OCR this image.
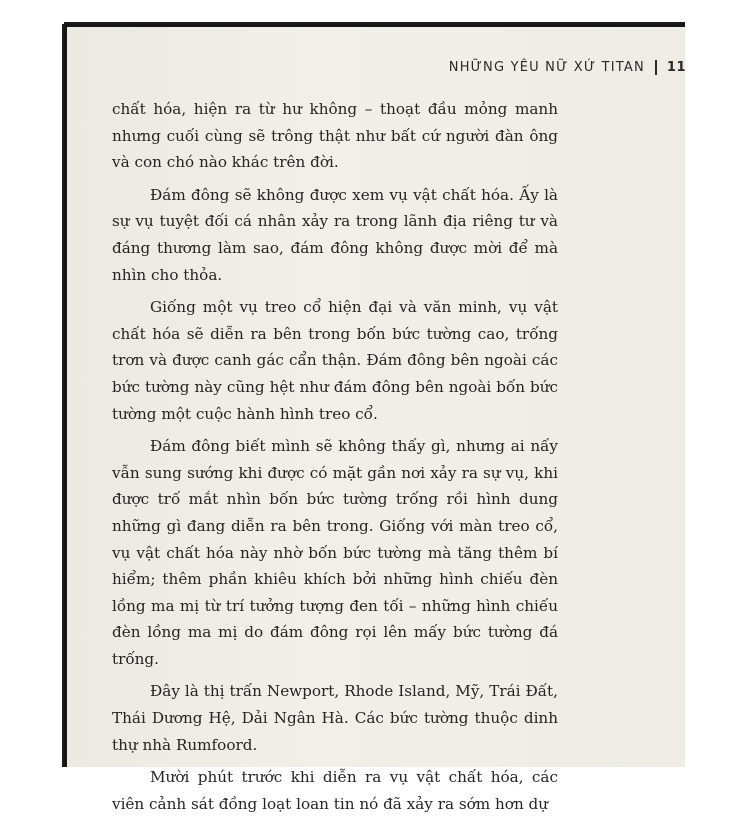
NHỮNG YÊU NỮ XỨ TITAN 11

chất hóa, hiện ra từ hư không – thoạt đầu mỏng manh nhưng cuối cùng sẽ trông thật như bất cứ người đàn ông và con chó nào khác trên đời.

Đám đông sẽ không được xem vụ vật chất hóa. Ấy là sự vụ tuyệt đối cá nhân xảy ra trong lãnh địa riêng tư và đáng thương làm sao, đám đông không được mời để mà nhìn cho thỏa.

Giống một vụ treo cổ hiện đại và văn minh, vụ vật chất hóa sẽ diễn ra bên trong bốn bức tường cao, trống trơn và được canh gác cẩn thận. Đám đông bên ngoài các bức tường này cũng hệt như đám đông bên ngoài bốn bức tường một cuộc hành hình treo cổ.

Đám đông biết mình sẽ không thấy gì, nhưng ai nấy vẫn sung sướng khi được có mặt gần nơi xảy ra sự vụ, khi được trố mắt nhìn bốn bức tường trống rồi hình dung những gì đang diễn ra bên trong. Giống với màn treo cổ, vụ vật chất hóa này nhờ bốn bức tường mà tăng thêm bí hiểm; thêm phần khiêu khích bởi những hình chiếu đèn lồng ma mị từ trí tưởng tượng đen tối – những hình chiếu đèn lồng ma mị do đám đông rọi lên mấy bức tường đá trống.

Đây là thị trấn Newport, Rhode Island, Mỹ, Trái Đất, Thái Dương Hệ, Dải Ngân Hà. Các bức tường thuộc dinh thự nhà Rumfoord.

Mười phút trước khi diễn ra vụ vật chất hóa, các viên cảnh sát đồng loạt loan tin nó đã xảy ra sớm hơn dự
